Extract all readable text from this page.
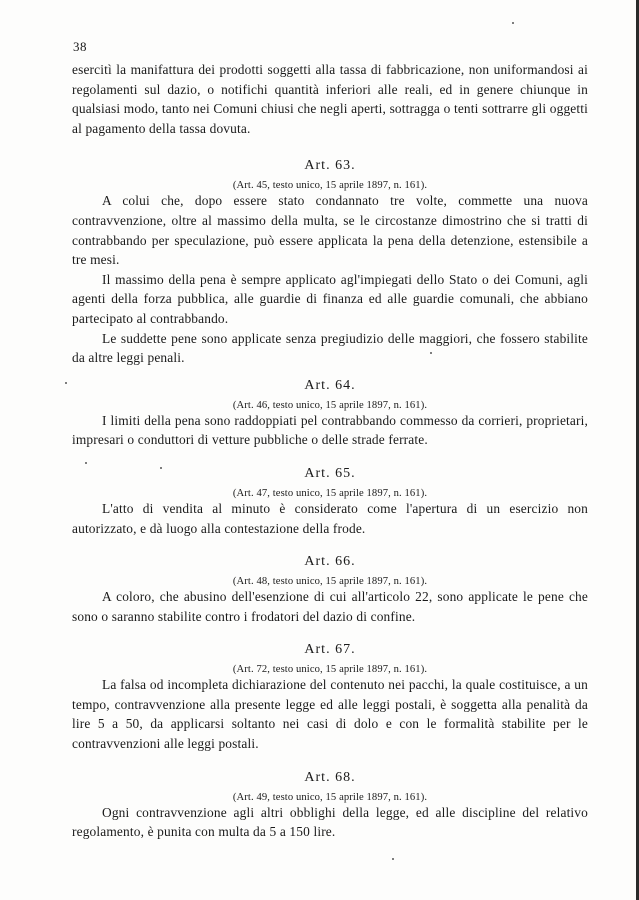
38

esercitì la manifattura dei prodotti soggetti alla tassa di fabbricazione, non uniformandosi ai regolamenti sul dazio, o notifichi quantità inferiori alle reali, ed in genere chiunque in qualsiasi modo, tanto nei Comuni chiusi che negli aperti, sottragga o tenti sottrarre gli oggetti al pagamento della tassa dovuta.

Art. 63.

(Art. 45, testo unico, 15 aprile 1897, n. 161).

A colui che, dopo essere stato condannato tre volte, commette una nuova contravvenzione, oltre al massimo della multa, se le circostanze dimostrino che si tratti di contrabbando per speculazione, può essere applicata la pena della detenzione, estensibile a tre mesi.

Il massimo della pena è sempre applicato agl'impiegati dello Stato o dei Comuni, agli agenti della forza pubblica, alle guardie di finanza ed alle guardie comunali, che abbiano partecipato al contrabbando.

Le suddette pene sono applicate senza pregiudizio delle maggiori, che fossero stabilite da altre leggi penali.

Art. 64.

(Art. 46, testo unico, 15 aprile 1897, n. 161).

I limiti della pena sono raddoppiati pel contrabbando commesso da corrieri, proprietari, impresari o conduttori di vetture pubbliche o delle strade ferrate.

Art. 65.

(Art. 47, testo unico, 15 aprile 1897, n. 161).

L'atto di vendita al minuto è considerato come l'apertura di un esercizio non autorizzato, e dà luogo alla contestazione della frode.

Art. 66.

(Art. 48, testo unico, 15 aprile 1897, n. 161).

A coloro, che abusino dell'esenzione di cui all'articolo 22, sono applicate le pene che sono o saranno stabilite contro i frodatori del dazio di confine.

Art. 67.

(Art. 72, testo unico, 15 aprile 1897, n. 161).

La falsa od incompleta dichiarazione del contenuto nei pacchi, la quale costituisce, a un tempo, contravvenzione alla presente legge ed alle leggi postali, è soggetta alla penalità da lire 5 a 50, da applicarsi soltanto nei casi di dolo e con le formalità stabilite per le contravvenzioni alle leggi postali.

Art. 68.

(Art. 49, testo unico, 15 aprile 1897, n. 161).

Ogni contravvenzione agli altri obblighi della legge, ed alle discipline del relativo regolamento, è punita con multa da 5 a 150 lire.
